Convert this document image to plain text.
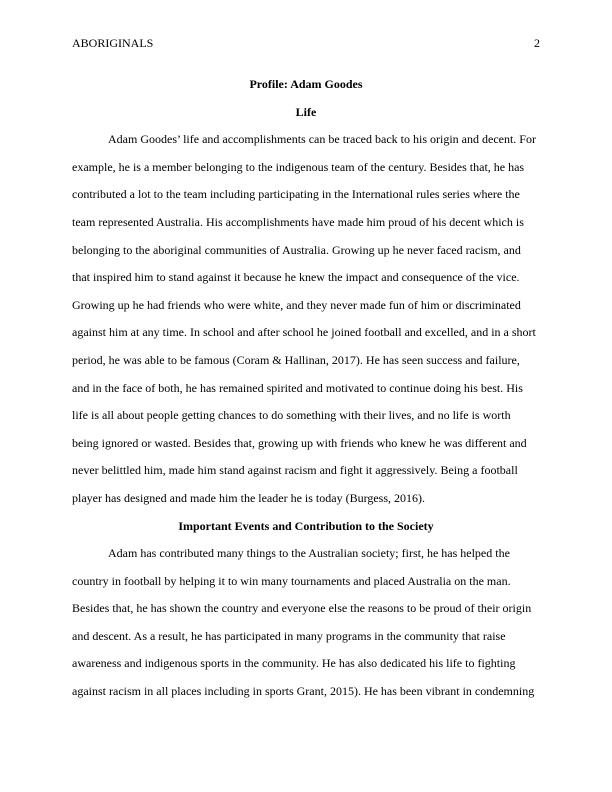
ABORIGINALS	2

Profile: Adam Goodes

Life

Adam Goodes’ life and accomplishments can be traced back to his origin and decent. For example, he is a member belonging to the indigenous team of the century. Besides that, he has contributed a lot to the team including participating in the International rules series where the team represented Australia. His accomplishments have made him proud of his decent which is belonging to the aboriginal communities of Australia. Growing up he never faced racism, and that inspired him to stand against it because he knew the impact and consequence of the vice. Growing up he had friends who were white, and they never made fun of him or discriminated against him at any time. In school and after school he joined football and excelled, and in a short period, he was able to be famous (Coram & Hallinan, 2017). He has seen success and failure, and in the face of both, he has remained spirited and motivated to continue doing his best. His life is all about people getting chances to do something with their lives, and no life is worth being ignored or wasted. Besides that, growing up with friends who knew he was different and never belittled him, made him stand against racism and fight it aggressively. Being a football player has designed and made him the leader he is today (Burgess, 2016).

Important Events and Contribution to the Society

Adam has contributed many things to the Australian society; first, he has helped the country in football by helping it to win many tournaments and placed Australia on the man. Besides that, he has shown the country and everyone else the reasons to be proud of their origin and descent. As a result, he has participated in many programs in the community that raise awareness and indigenous sports in the community. He has also dedicated his life to fighting against racism in all places including in sports Grant, 2015). He has been vibrant in condemning
